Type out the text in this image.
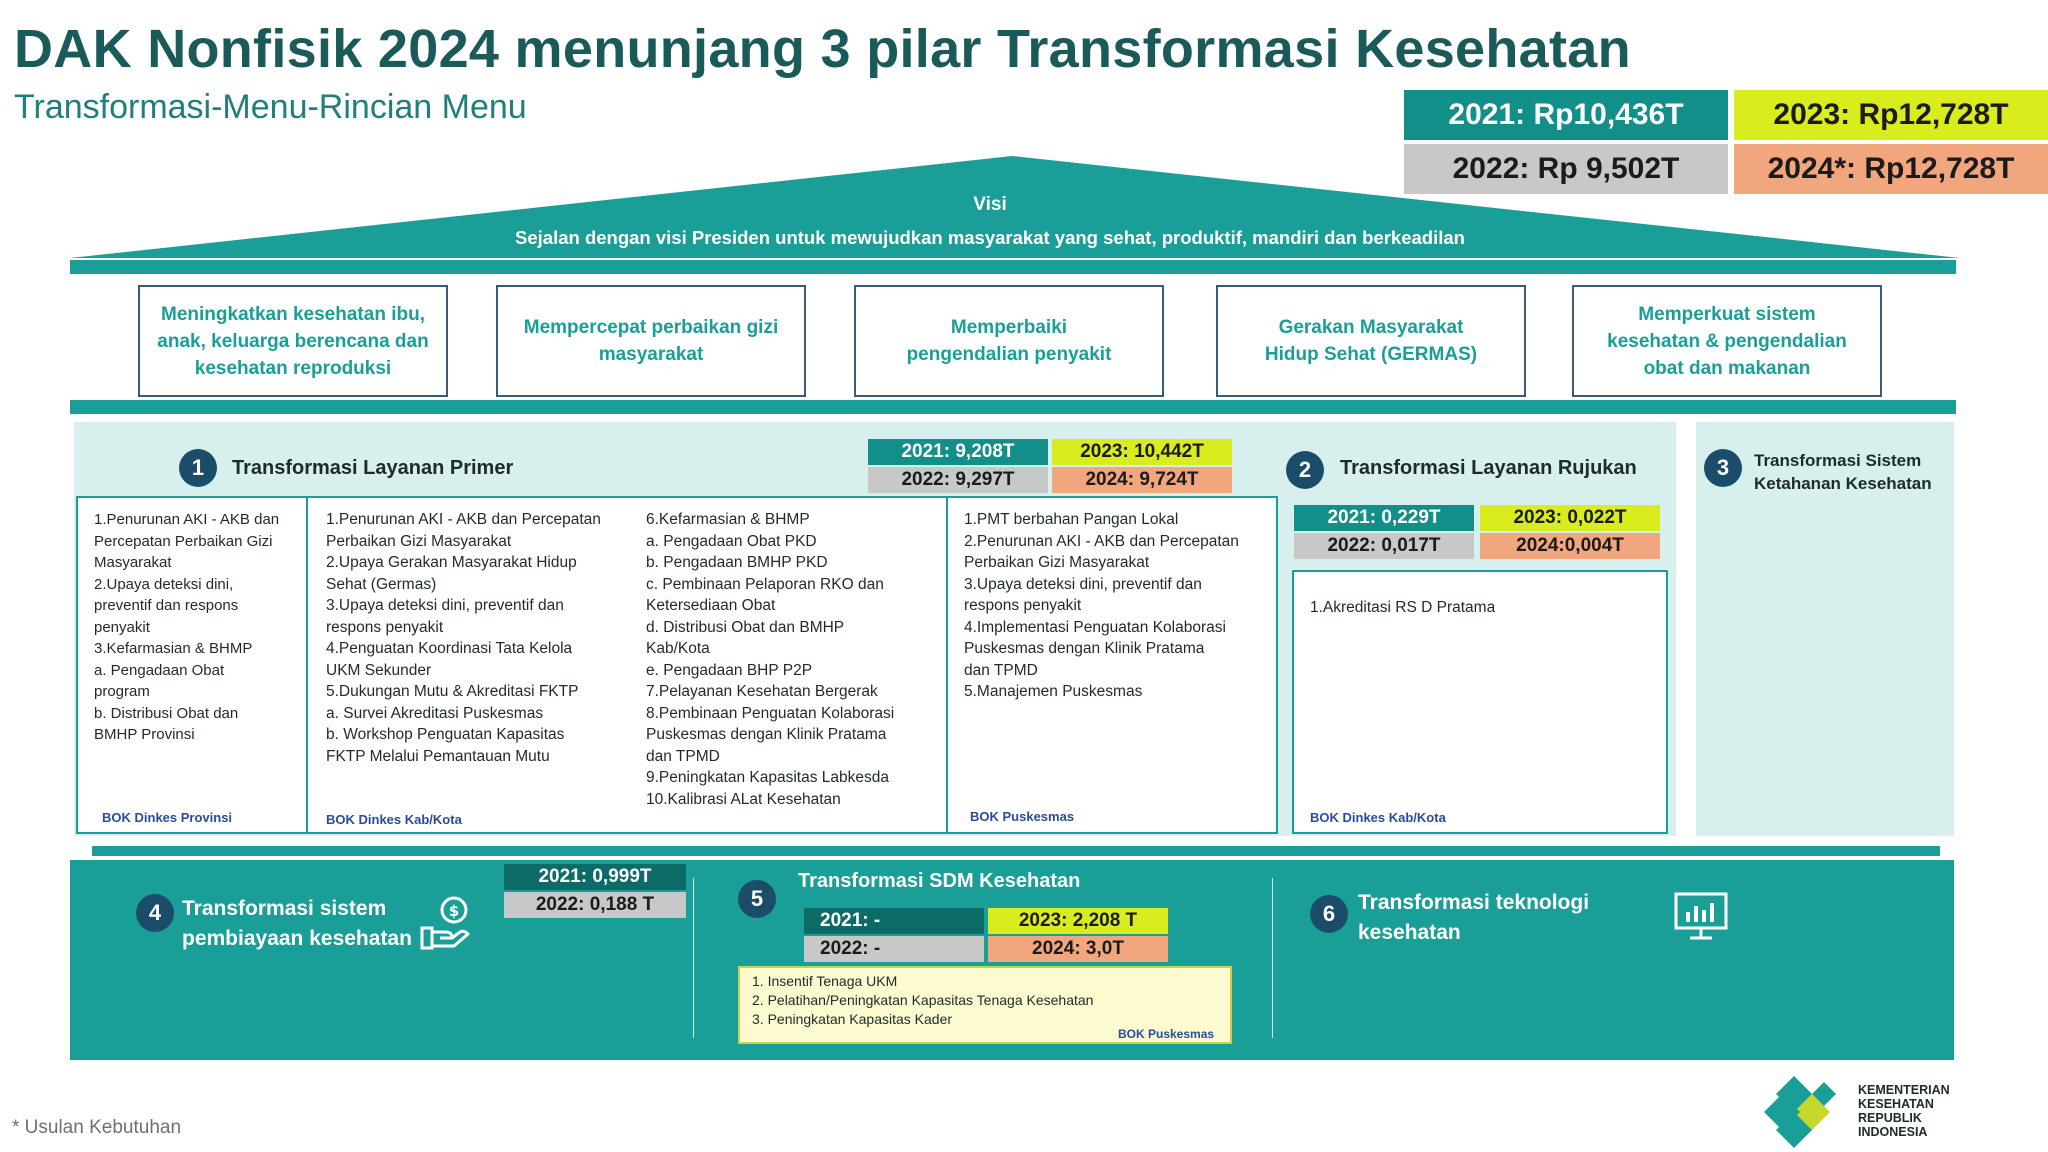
DAK Nonfisik 2024 menunjang 3 pilar Transformasi Kesehatan
Transformasi-Menu-Rincian Menu	2021: Rp10,436T	2023: Rp12,728T
2022: Rp 9,502T	2024*: Rp12,728T
Visi
Sejalan dengan visi Presiden untuk mewujudkan masyarakat yang sehat, produktif, mandiri dan berkeadilan
Meningkatkan kesehatan ibu,
anak, keluarga berencana dan
kesehatan reproduksi
Mempercepat perbaikan gizi
masyarakat
Memperbaiki
pengendalian penyakit
Gerakan Masyarakat
Hidup Sehat (GERMAS)
Memperkuat sistem
kesehatan & pengendalian
obat dan makanan
1	Transformasi Layanan Primer
2021: 9,208T	2023: 10,442T
2022: 9,297T	2024: 9,724T
1.Penurunan AKI - AKB dan
Percepatan Perbaikan Gizi
Masyarakat
2.Upaya deteksi dini,
preventif dan respons
penyakit
3.Kefarmasian & BHMP
a. Pengadaan Obat
program
b. Distribusi Obat dan
BMHP Provinsi
BOK Dinkes Provinsi
1.Penurunan AKI - AKB dan Percepatan
Perbaikan Gizi Masyarakat
2.Upaya Gerakan Masyarakat Hidup
Sehat (Germas)
3.Upaya deteksi dini, preventif dan
respons penyakit
4.Penguatan Koordinasi Tata Kelola
UKM Sekunder
5.Dukungan Mutu & Akreditasi FKTP
a. Survei Akreditasi Puskesmas
b. Workshop Penguatan Kapasitas
FKTP Melalui Pemantauan Mutu
BOK Dinkes Kab/Kota
6.Kefarmasian & BHMP
a. Pengadaan Obat PKD
b. Pengadaan BMHP PKD
c. Pembinaan Pelaporan RKO dan
Ketersediaan Obat
d. Distribusi Obat dan BMHP
Kab/Kota
e. Pengadaan BHP P2P
7.Pelayanan Kesehatan Bergerak
8.Pembinaan Penguatan Kolaborasi
Puskesmas dengan Klinik Pratama
dan TPMD
9.Peningkatan Kapasitas Labkesda
10.Kalibrasi ALat Kesehatan
1.PMT berbahan Pangan Lokal
2.Penurunan AKI - AKB dan Percepatan
Perbaikan Gizi Masyarakat
3.Upaya deteksi dini, preventif dan
respons penyakit
4.Implementasi Penguatan Kolaborasi
Puskesmas dengan Klinik Pratama
dan TPMD
5.Manajemen Puskesmas
BOK Puskesmas
2	Transformasi Layanan Rujukan
2021: 0,229T	2023: 0,022T
2022: 0,017T	2024:0,004T
1.Akreditasi RS D Pratama
BOK Dinkes Kab/Kota
3	Transformasi Sistem
Ketahanan Kesehatan
4 Transformasi sistem
pembiayaan kesehatan
$
2021: 0,999T
2022: 0,188 T	5
Transformasi SDM Kesehatan
2021: -	2023: 2,208 T
2022: -	2024: 3,0T
1. Insentif Tenaga UKM
2. Pelatihan/Peningkatan Kapasitas Tenaga Kesehatan
3. Peningkatan Kapasitas Kader
BOK Puskesmas
6	Transformasi teknologi
kesehatan
* Usulan Kebutuhan
KEMENTERIAN
KESEHATAN
REPUBLIK
INDONESIA
